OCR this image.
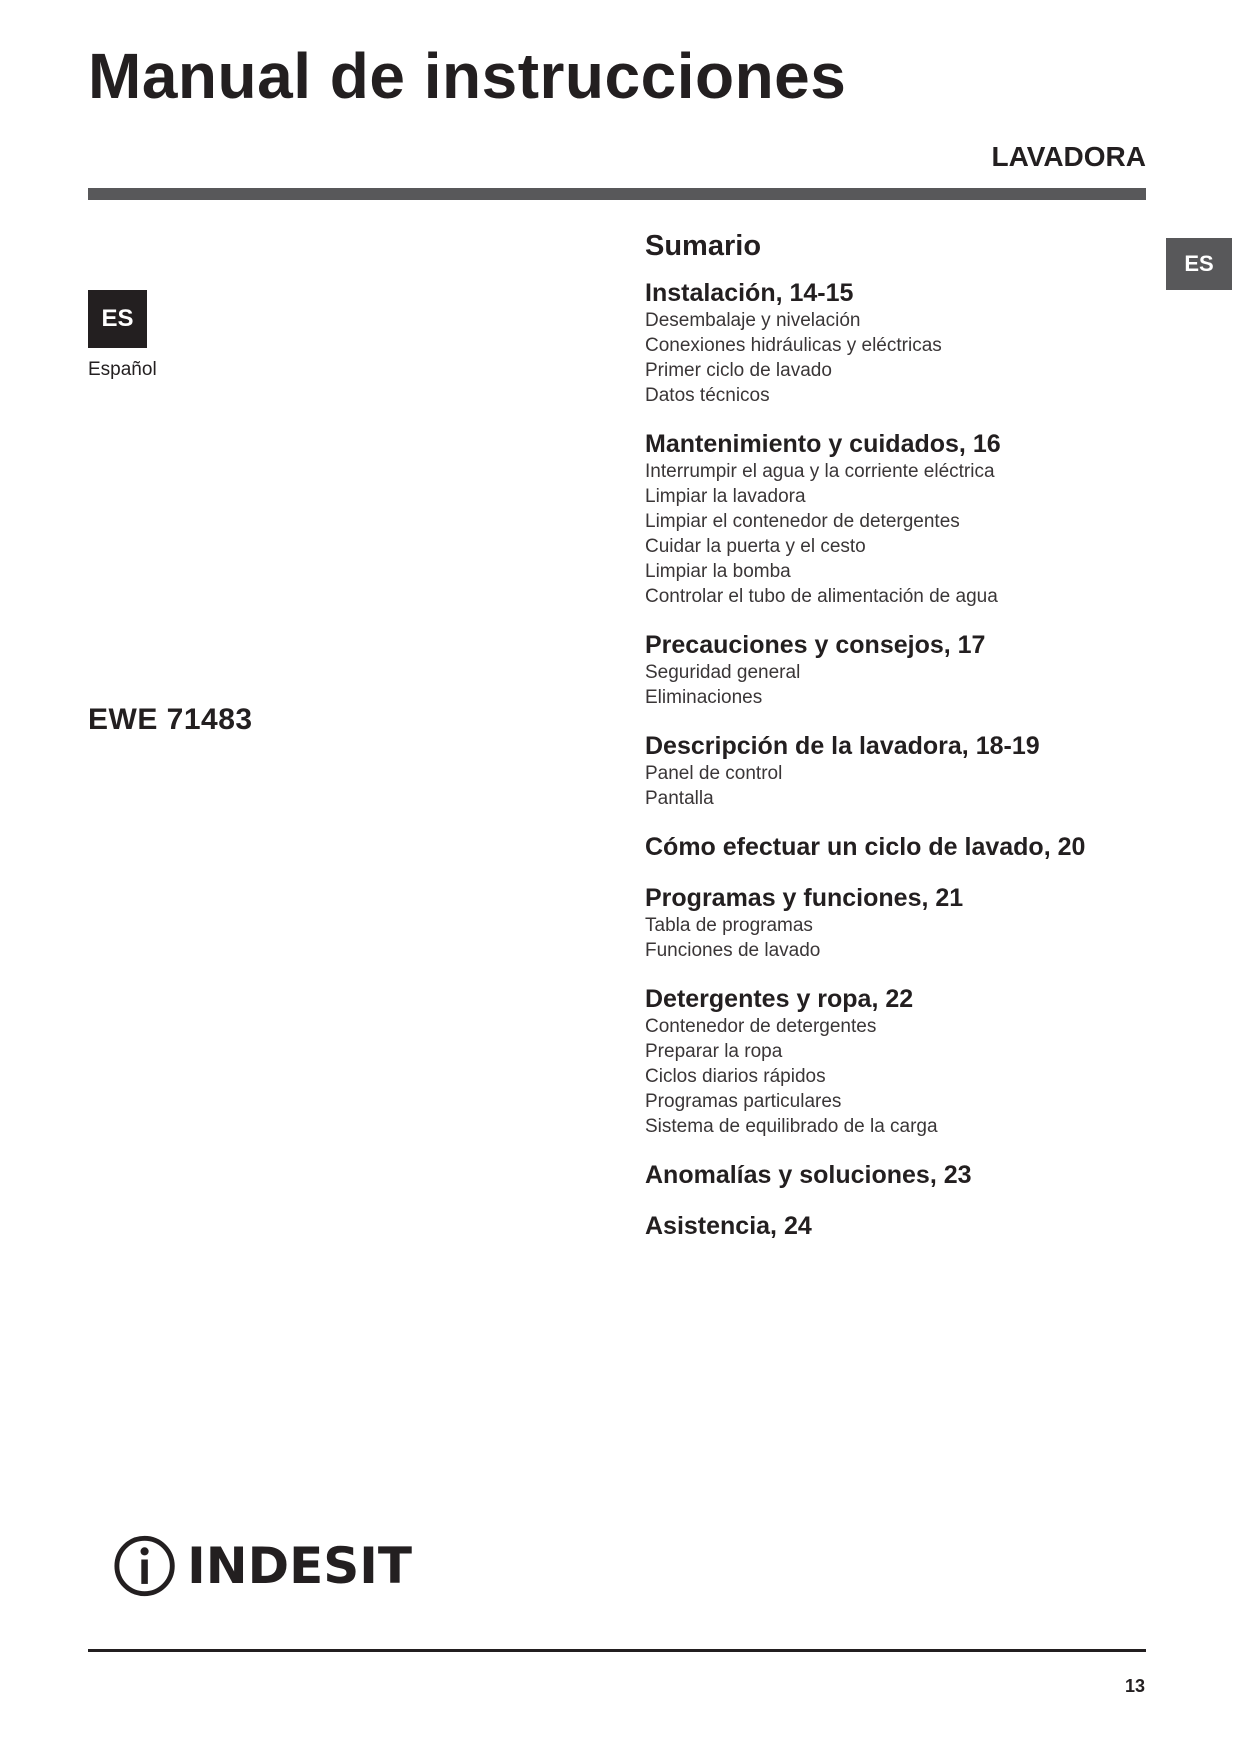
Manual de instrucciones
LAVADORA
ES
ES
Español
EWE 71483
Sumario
Instalación, 14-15
Desembalaje y nivelación
Conexiones hidráulicas y eléctricas
Primer ciclo de lavado
Datos técnicos
Mantenimiento y cuidados, 16
Interrumpir el agua y la corriente eléctrica
Limpiar la lavadora
Limpiar el contenedor de detergentes
Cuidar la puerta y el cesto
Limpiar la bomba
Controlar el tubo de alimentación de agua
Precauciones y consejos, 17
Seguridad general
Eliminaciones
Descripción de la lavadora, 18-19
Panel de control
Pantalla
Cómo efectuar un ciclo de lavado, 20
Programas y funciones, 21
Tabla de programas
Funciones de lavado
Detergentes y ropa, 22
Contenedor de detergentes
Preparar la ropa
Ciclos diarios rápidos
Programas particulares
Sistema de equilibrado de la carga
Anomalías y soluciones, 23
Asistencia, 24
INDESIT
13
